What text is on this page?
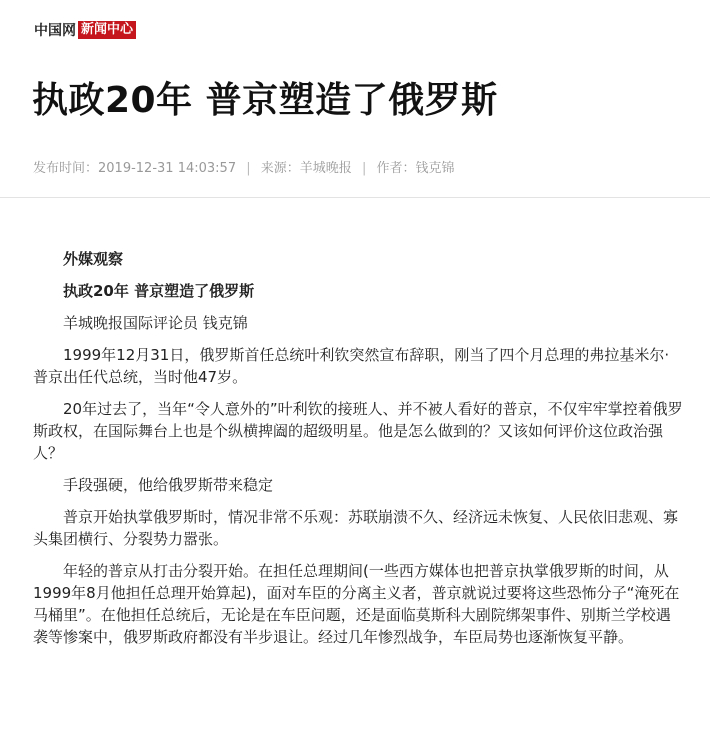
中国网 新闻中心
执政20年 普京塑造了俄罗斯
发布时间：2019-12-31 14:03:57 | 来源：羊城晚报 | 作者：钱克锦

外媒观察

执政20年 普京塑造了俄罗斯

羊城晚报国际评论员 钱克锦

1999年12月31日，俄罗斯首任总统叶利钦突然宣布辞职，刚当了四个月总理的弗拉基米尔·普京出任代总统，当时他47岁。

20年过去了，当年“令人意外的”叶利钦的接班人、并不被人看好的普京，不仅牢牢掌控着俄罗斯政权，在国际舞台上也是个纵横捭阖的超级明星。他是怎么做到的？又该如何评价这位政治强人？

手段强硬，他给俄罗斯带来稳定

普京开始执掌俄罗斯时，情况非常不乐观：苏联崩溃不久、经济远未恢复、人民依旧悲观、寡头集团横行、分裂势力嚣张。

年轻的普京从打击分裂开始。在担任总理期间(一些西方媒体也把普京执掌俄罗斯的时间，从1999年8月他担任总理开始算起)，面对车臣的分离主义者，普京就说过要将这些恐怖分子“淹死在马桶里”。在他担任总统后，无论是在车臣问题，还是面临莫斯科大剧院绑架事件、别斯兰学校遇袭等惨案中，俄罗斯政府都没有半步退让。经过几年惨烈战争，车臣局势也逐渐恢复平静。
